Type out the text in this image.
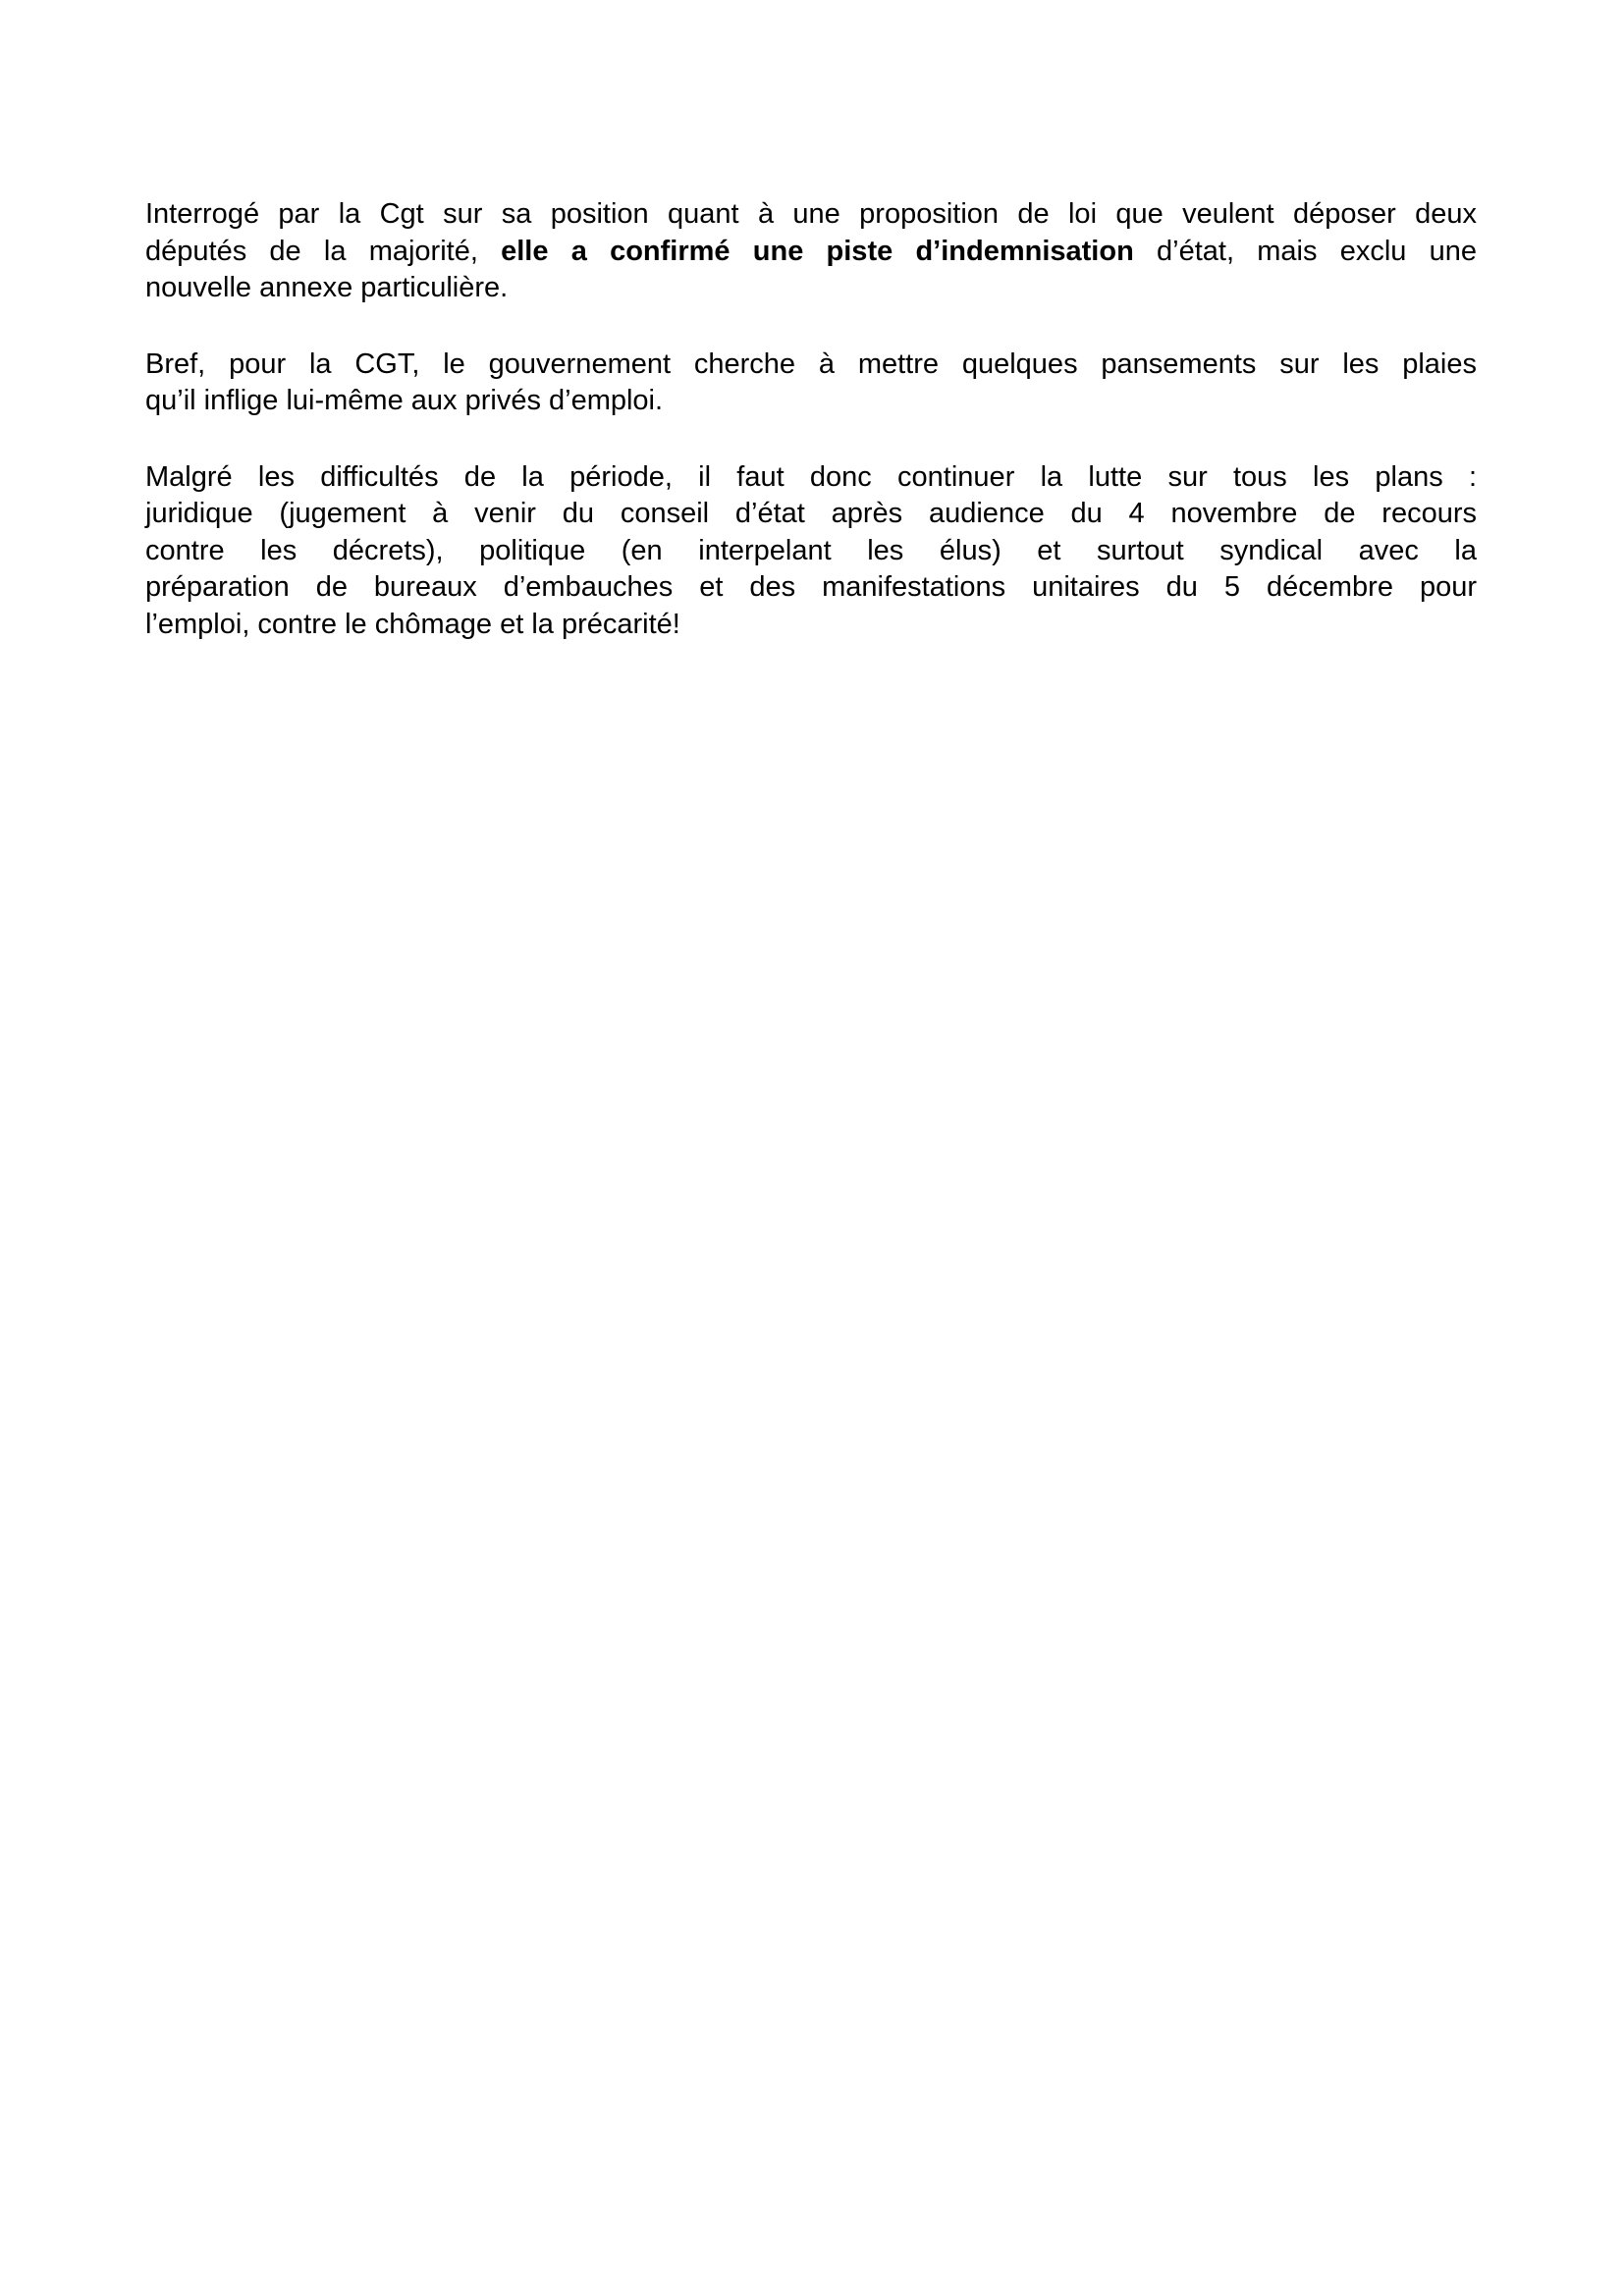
Interrogé par la Cgt sur sa position quant à une proposition de loi que veulent déposer deux
députés de la majorité, elle a confirmé une piste d’indemnisation d’état, mais exclu une
nouvelle annexe particulière.
Bref, pour la CGT, le gouvernement cherche à mettre quelques pansements sur les plaies
qu’il inflige lui-même aux privés d’emploi.
Malgré les difficultés de la période, il faut donc continuer la lutte sur tous les plans :
juridique (jugement à venir du conseil d’état après audience du 4 novembre de recours
contre les décrets), politique (en interpelant les élus) et surtout syndical avec la
préparation de bureaux d’embauches et des manifestations unitaires du 5 décembre pour
l’emploi, contre le chômage et la précarité!
